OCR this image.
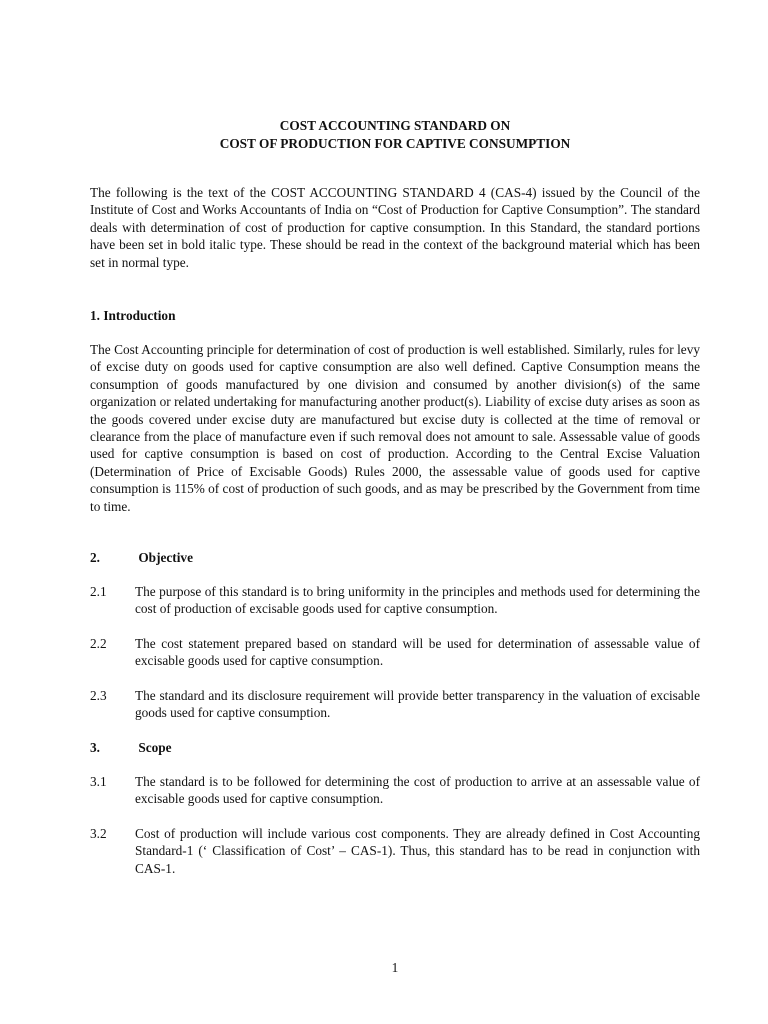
COST ACCOUNTING STANDARD ON
COST OF PRODUCTION FOR CAPTIVE CONSUMPTION
The following is the text of the COST ACCOUNTING STANDARD 4 (CAS-4) issued by the Council of the Institute of Cost and Works Accountants of India on “Cost of Production for Captive Consumption”. The standard deals with determination of cost of production for captive consumption. In this Standard, the standard portions have been set in bold italic type. These should be read in the context of the background material which has been set in normal type.
1. Introduction
The Cost Accounting principle for determination of cost of production is well established. Similarly, rules for levy of excise duty on goods used for captive consumption are also well defined. Captive Consumption means the consumption of goods manufactured by one division and consumed by another division(s) of the same organization or related undertaking for manufacturing another product(s). Liability of excise duty arises as soon as the goods covered under excise duty are manufactured but excise duty is collected at the time of removal or clearance from the place of manufacture even if such removal does not amount to sale. Assessable value of goods used for captive consumption is based on cost of production. According to the Central Excise Valuation (Determination of Price of Excisable Goods) Rules 2000, the assessable value of goods used for captive consumption is 115% of cost of production of such goods, and as may be prescribed by the Government from time to time.
2.	Objective
2.1	The purpose of this standard is to bring uniformity in the principles and methods used for determining the cost of production of excisable goods used for captive consumption.
2.2	The cost statement prepared based on standard will be used for determination of assessable value of excisable goods used for captive consumption.
2.3	The standard and its disclosure requirement will provide better transparency in the valuation of excisable goods used for captive consumption.
3.	Scope
3.1	The standard is to be followed for determining the cost of production to arrive at an assessable value of excisable goods used for captive consumption.
3.2	Cost of production will include various cost components. They are already defined in Cost Accounting Standard-1 (‘ Classification of Cost’ – CAS-1). Thus, this standard has to be read in conjunction with CAS-1.
1
